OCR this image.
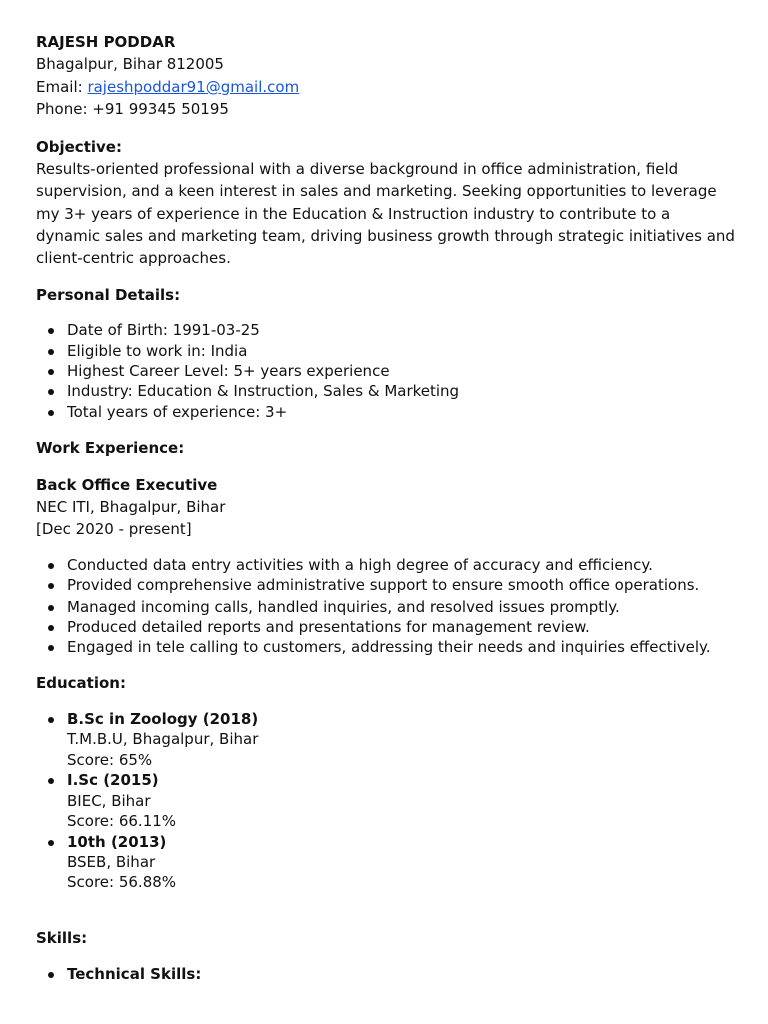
RAJESH PODDAR
Bhagalpur, Bihar 812005
Email: rajeshpoddar91@gmail.com
Phone: +91 99345 50195
Objective:
Results-oriented professional with a diverse background in office administration, field supervision, and a keen interest in sales and marketing. Seeking opportunities to leverage my 3+ years of experience in the Education & Instruction industry to contribute to a dynamic sales and marketing team, driving business growth through strategic initiatives and client-centric approaches.
Personal Details:
Date of Birth: 1991-03-25
Eligible to work in: India
Highest Career Level: 5+ years experience
Industry: Education & Instruction, Sales & Marketing
Total years of experience: 3+
Work Experience:
Back Office Executive
NEC ITI, Bhagalpur, Bihar
[Dec 2020 - present]
Conducted data entry activities with a high degree of accuracy and efficiency.
Provided comprehensive administrative support to ensure smooth office operations.
Managed incoming calls, handled inquiries, and resolved issues promptly.
Produced detailed reports and presentations for management review.
Engaged in tele calling to customers, addressing their needs and inquiries effectively.
Education:
B.Sc in Zoology (2018)
T.M.B.U, Bhagalpur, Bihar
Score: 65%
I.Sc (2015)
BIEC, Bihar
Score: 66.11%
10th (2013)
BSEB, Bihar
Score: 56.88%
Skills:
Technical Skills:
